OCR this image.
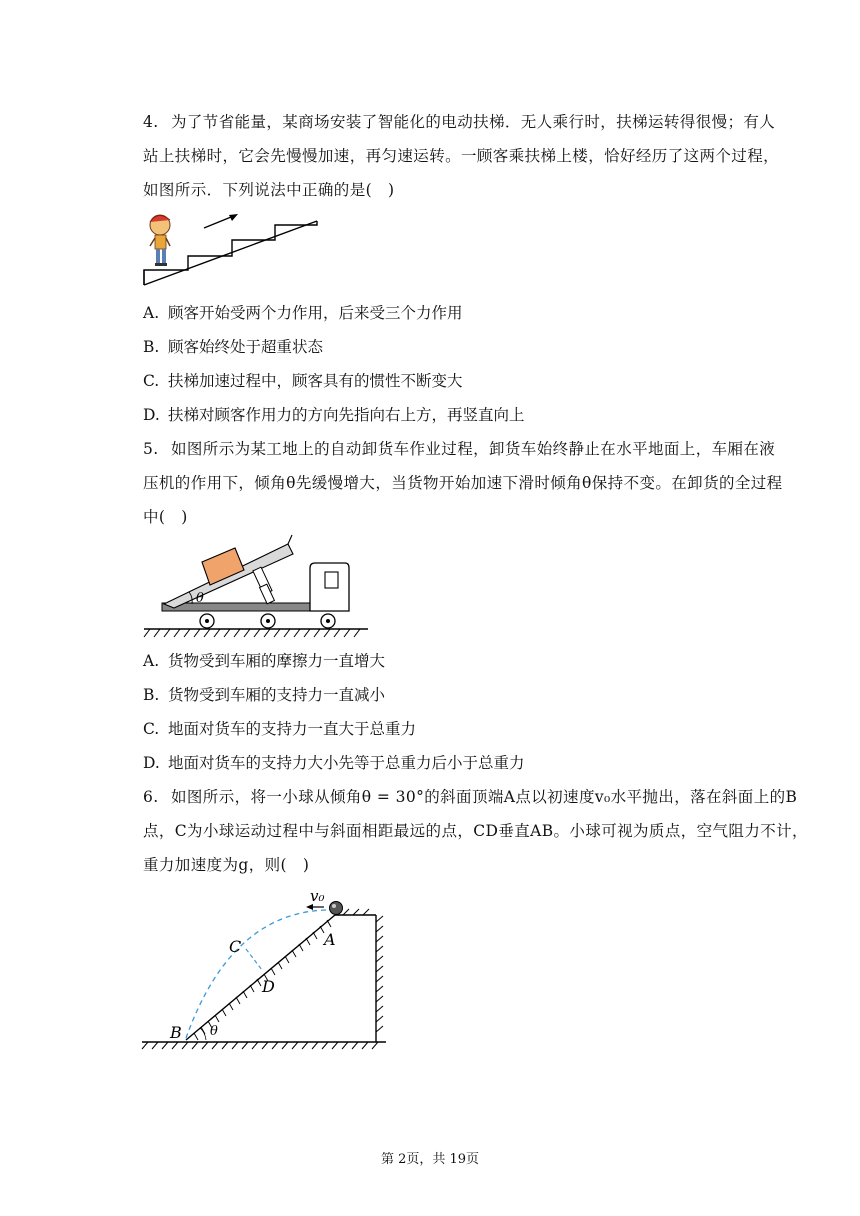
4. 为了节省能量，某商场安装了智能化的电动扶梯．无人乘行时，扶梯运转得很慢；有人
站上扶梯时，它会先慢慢加速，再匀速运转。一顾客乘扶梯上楼，恰好经历了这两个过程，
如图所示．下列说法中正确的是(　)
A. 顾客开始受两个力作用，后来受三个力作用
B. 顾客始终处于超重状态
C. 扶梯加速过程中，顾客具有的惯性不断变大
D. 扶梯对顾客作用力的方向先指向右上方，再竖直向上
5. 如图所示为某工地上的自动卸货车作业过程，卸货车始终静止在水平地面上，车厢在液
压机的作用下，倾角θ先缓慢增大，当货物开始加速下滑时倾角θ保持不变。在卸货的全过程
中(　)
θ
A. 货物受到车厢的摩擦力一直增大
B. 货物受到车厢的支持力一直减小
C. 地面对货车的支持力一直大于总重力
D. 地面对货车的支持力大小先等于总重力后小于总重力
6. 如图所示，将一小球从倾角θ = 30°的斜面顶端A点以初速度v₀水平抛出，落在斜面上的B
点，C为小球运动过程中与斜面相距最远的点，CD垂直AB。小球可视为质点，空气阻力不计，
重力加速度为g，则(　)
v₀
A
B
C
D
θ
第 2页，共 19页
